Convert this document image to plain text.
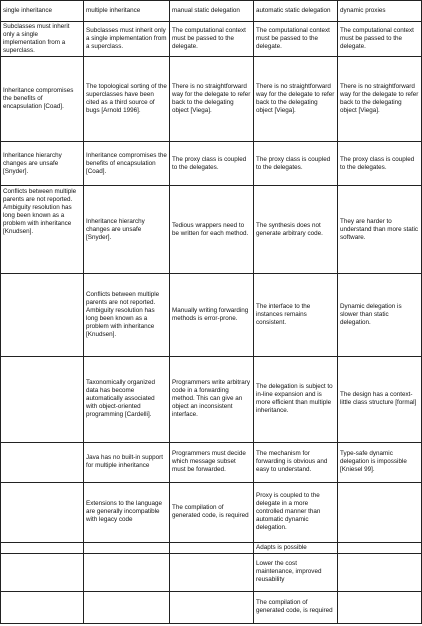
single inheritance	multiple inheritance	manual static delegation	automatic static delegation	dynamic proxies

Subclasses must inherit only a single implementation from a superclass.	Subclasses must inherit only a single implementation from a superclass.	The computational context must be passed to the delegate.	The computational context must be passed to the delegate.	The computational context must be passed to the delegate.

Inheritance compromises the benefits of encapsulation [Coad].	The topological sorting of the superclasses have been cited as a third source of bugs [Arnold 1996].	There is no straightforward way for the delegate to refer back to the delegating object [Viega].	There is no straightforward way for the delegate to refer back to the delegating object [Viega].	There is no straightforward way for the delegate to refer back to the delegating object [Viega].

Inheritance hierarchy changes are unsafe [Snyder].	Inheritance compromises the benefits of encapsulation [Coad].	The proxy class is coupled to the delegates.	The proxy class is coupled to the delegates.	The proxy class is coupled to the delegates.

Conflicts between multiple parents are not reported. Ambiguity resolution has long been known as a problem with inheritance [Knudsen].	Inheritance hierarchy changes are unsafe [Snyder].	Tedious wrappers need to be written for each method.	The synthesis does not generate arbitrary code.	They are harder to understand than more static software.

	Conflicts between multiple parents are not reported. Ambiguity resolution has long been known as a problem with inheritance [Knudsen].	Manually writing forwarding methods is error-prone.	The interface to the instances remains consistent.	Dynamic delegation is slower than static delegation.

	Taxonomically organized data has become automatically associated with object-oriented programming [Cardelli].	Programmers write arbitrary code in a forwarding method. This can give an object an inconsistent interface.	The delegation is subject to in-line expansion and is more efficient than multiple inheritance.	The design has a context-little class structure [formal]

	Java has no built-in support for multiple inheritance	Programmers must decide which message subset must be forwarded.	The mechanism for forwarding is obvious and easy to understand.	Type-safe dynamic delegation is impossible [Kniesel 99].

	Extensions to the language are generally incompatible with legacy code	The compilation of generated code, is required	Proxy is coupled to the delegate in a more controlled manner than automatic dynamic delegation.	

			Adapts is possible	

			Lower the cost maintenance, improved reusability	

			The compilation of generated code, is required	
